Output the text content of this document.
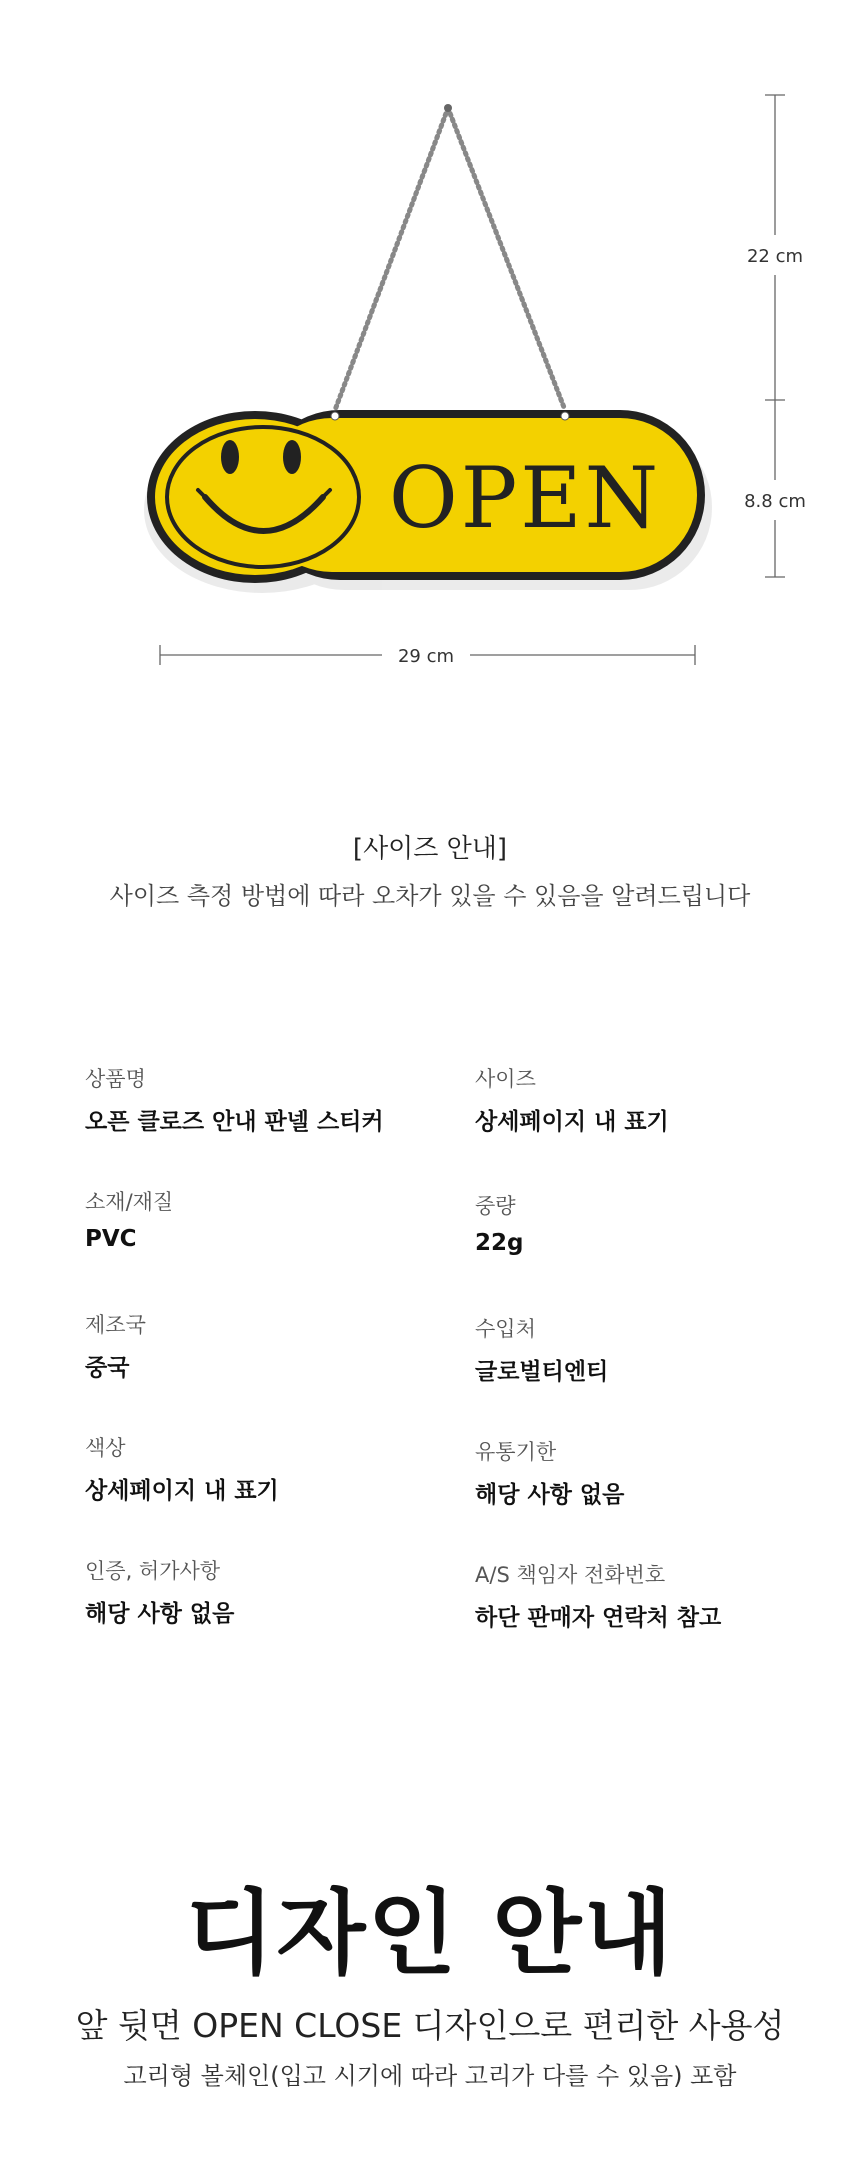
OPEN
22 cm
8.8 cm
29 cm
[사이즈 안내]
사이즈 측정 방법에 따라 오차가 있을 수 있음을 알려드립니다
상품명
오픈 클로즈 안내 판넬 스티커
사이즈
상세페이지 내 표기
소재/재질
PVC
중량
22g
제조국
중국
수입처
글로벌티엔티
색상
상세페이지 내 표기
유통기한
해당 사항 없음
인증, 허가사항
해당 사항 없음
A/S 책임자 전화번호
하단 판매자 연락처 참고
디자인 안내
앞 뒷면 OPEN CLOSE 디자인으로 편리한 사용성
고리형 볼체인(입고 시기에 따라 고리가 다를 수 있음) 포함
